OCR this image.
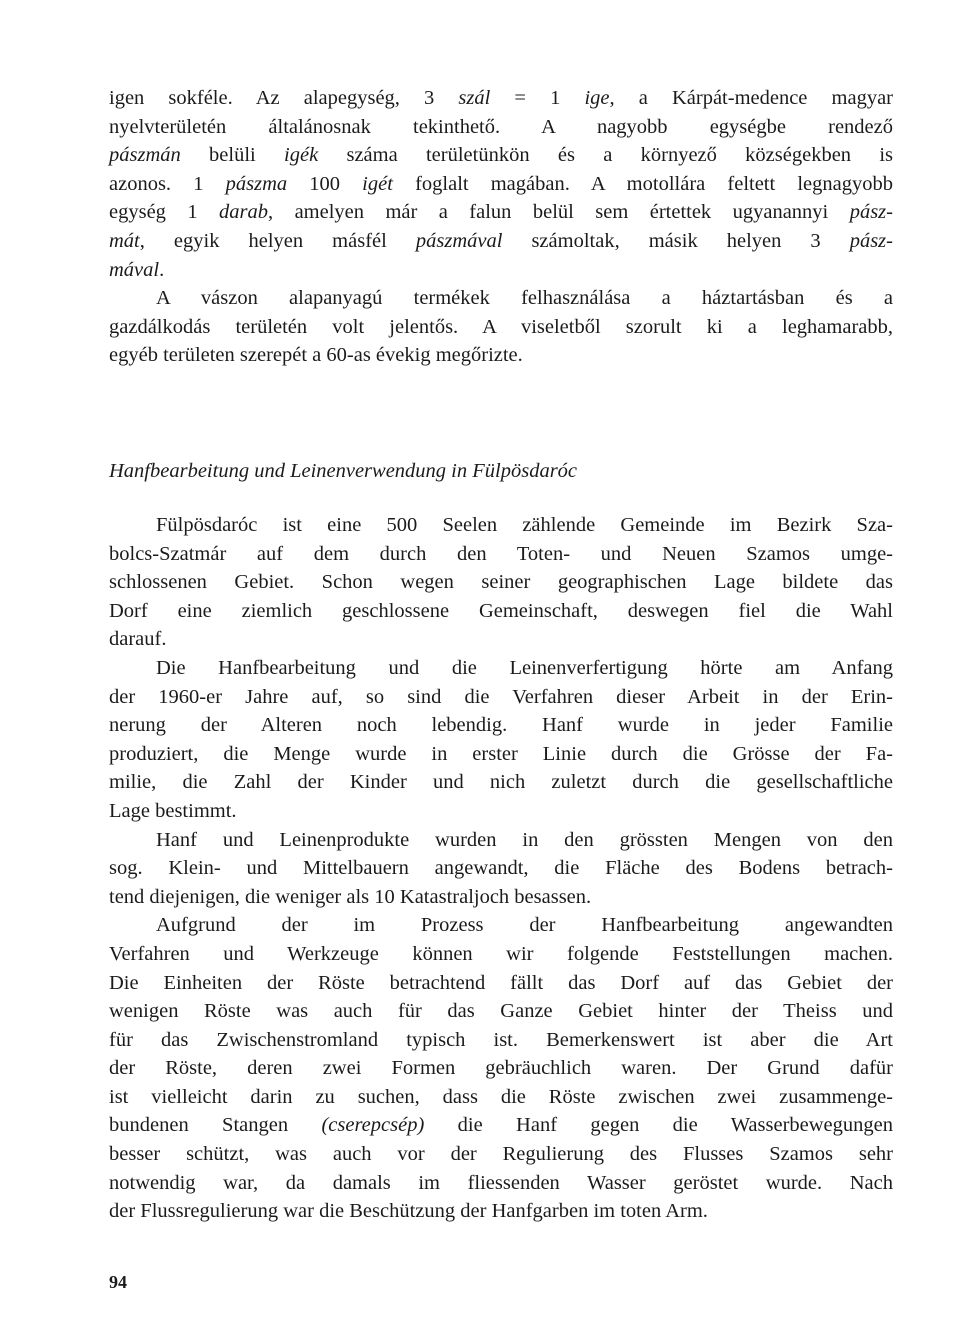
igen sokféle. Az alapegység, 3 szál = 1 ige, a Kárpát-medence magyar
nyelvterületén általánosnak tekinthető. A nagyobb egységbe rendező
pászmán belüli igék száma területünkön és a környező községekben is
azonos. 1 pászma 100 igét foglalt magában. A motollára feltett legnagyobb
egység 1 darab, amelyen már a falun belül sem értettek ugyanannyi pász-
mát, egyik helyen másfél pászmával számoltak, másik helyen 3 pász-
mával.
A vászon alapanyagú termékek felhasználása a háztartásban és a
gazdálkodás területén volt jelentős. A viseletből szorult ki a leghamarabb,
egyéb területen szerepét a 60-as évekig megőrizte.
Hanfbearbeitung und Leinenverwendung in Fülpösdaróc
Fülpösdaróc ist eine 500 Seelen zählende Gemeinde im Bezirk Sza-
bolcs-Szatmár auf dem durch den Toten- und Neuen Szamos umge-
schlossenen Gebiet. Schon wegen seiner geographischen Lage bildete das
Dorf eine ziemlich geschlossene Gemeinschaft, deswegen fiel die Wahl
darauf.
Die Hanfbearbeitung und die Leinenverfertigung hörte am Anfang
der 1960-er Jahre auf, so sind die Verfahren dieser Arbeit in der Erin-
nerung der Alteren noch lebendig. Hanf wurde in jeder Familie
produziert, die Menge wurde in erster Linie durch die Grösse der Fa-
milie, die Zahl der Kinder und nich zuletzt durch die gesellschaftliche
Lage bestimmt.
Hanf und Leinenprodukte wurden in den grössten Mengen von den
sog. Klein- und Mittelbauern angewandt, die Fläche des Bodens betrach-
tend diejenigen, die weniger als 10 Katastraljoch besassen.
Aufgrund der im Prozess der Hanfbearbeitung angewandten
Verfahren und Werkzeuge können wir folgende Feststellungen machen.
Die Einheiten der Röste betrachtend fällt das Dorf auf das Gebiet der
wenigen Röste was auch für das Ganze Gebiet hinter der Theiss und
für das Zwischenstromland typisch ist. Bemerkenswert ist aber die Art
der Röste, deren zwei Formen gebräuchlich waren. Der Grund dafür
ist vielleicht darin zu suchen, dass die Röste zwischen zwei zusammenge-
bundenen Stangen (cserepcsép) die Hanf gegen die Wasserbewegungen
besser schützt, was auch vor der Regulierung des Flusses Szamos sehr
notwendig war, da damals im fliessenden Wasser geröstet wurde. Nach
der Flussregulierung war die Beschützung der Hanfgarben im toten Arm.
94
